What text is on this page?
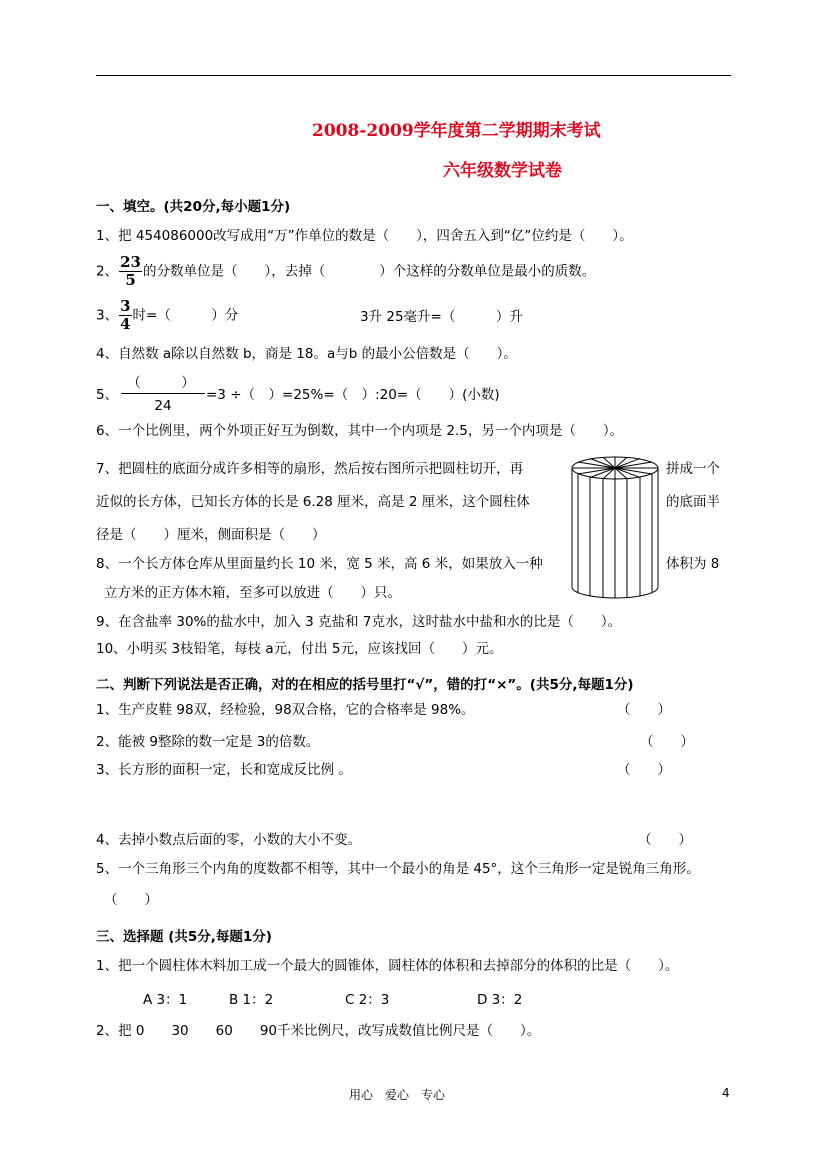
2008-2009学年度第二学期期末考试
六年级数学试卷
一、填空。(共20分,每小题1分)
1、把 454086000改写成用“万”作单位的数是（　　），四舍五入到“亿”位约是（　　）。
2、 $\frac{23}{5}$ 的分数单位是（　　），去掉（　　　　）个这样的分数单位是最小的质数。
3、 $\frac{3}{4}$ 时=（　　　）分	3升 25毫升=（　　　）升
4、自然数 a除以自然数 b，商是 18。a与b 的最小公倍数是（　　）。
5、
（　　　）
24
=3 ÷（　）=25%=（　）:20=（　　）(小数)
6、一个比例里，两个外项正好互为倒数，其中一个内项是 2.5，另一个内项是（　　）。
7、把圆柱的底面分成许多相等的扇形，然后按右图所示把圆柱切开，再	拼成一个
近似的长方体，已知长方体的长是 6.28 厘米，高是 2 厘米，这个圆柱体	的底面半
径是（　　）厘米，侧面积是（　　）
8、一个长方体仓库从里面量约长 10 米，宽 5 米，高 6 米，如果放入一种	体积为 8
立方米的正方体木箱，至多可以放进（　　）只。
9、在含盐率 30%的盐水中，加入 3 克盐和 7克水，这时盐水中盐和水的比是（　　）。
10、小明买 3枝铅笔，每枝 a元，付出 5元，应该找回（　　）元。
二、判断下列说法是否正确，对的在相应的括号里打“√”，错的打“×”。(共5分,每题1分)
1、生产皮鞋 98双，经检验，98双合格，它的合格率是 98%。	（　　）
2、能被 9整除的数一定是 3的倍数。	（　　）
3、长方形的面积一定，长和宽成反比例 。	（　　）
4、去掉小数点后面的零，小数的大小不变。	（　　）
5、一个三角形三个内角的度数都不相等，其中一个最小的角是 45°，这个三角形一定是锐角三角形。
（　　）
三、选择题 (共5分,每题1分)
1、把一个圆柱体木料加工成一个最大的圆锥体，圆柱体的体积和去掉部分的体积的比是（　　）。
A 3：1	B 1：2	C 2：3	D 3：2
2、把 0　　30　　60　　90千米比例尺，改写成数值比例尺是（　　）。
用心　爱心　专心	4
